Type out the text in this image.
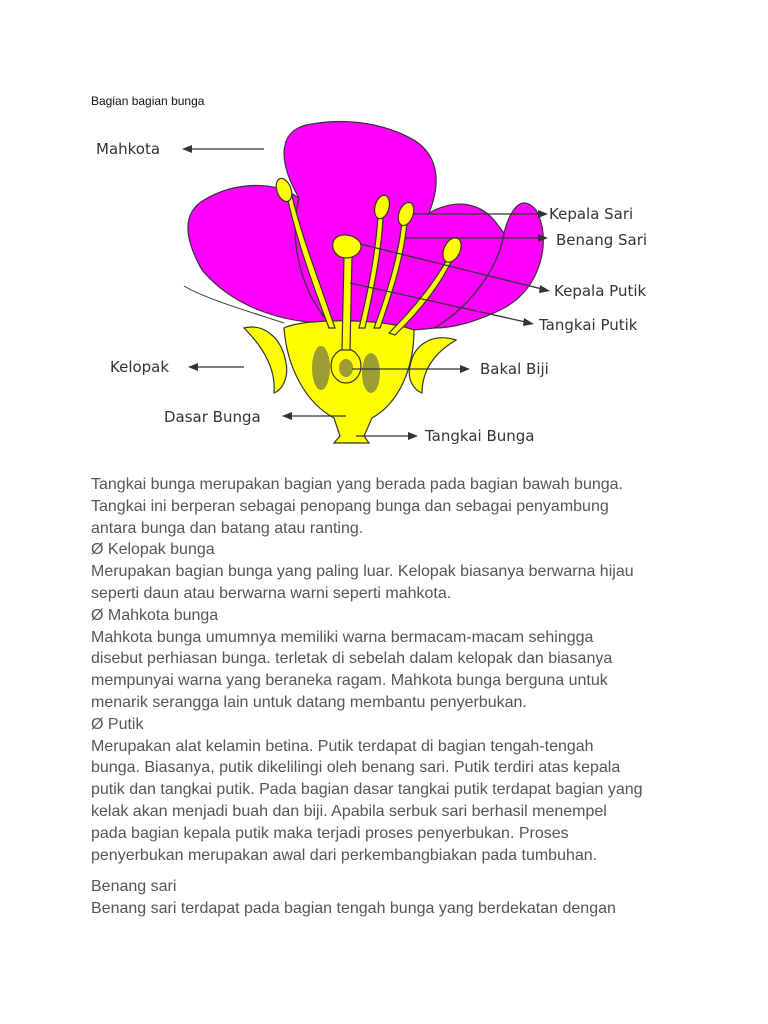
Bagian bagian bunga

Mahkota
Kepala Sari
Benang Sari
Kepala Putik
Tangkai Putik
Kelopak	Bakal Biji
Dasar Bunga
Tangkai Bunga

Tangkai bunga merupakan bagian yang berada pada bagian bawah bunga.

Tangkai ini berperan sebagai penopang bunga dan sebagai penyambung

antara bunga dan batang atau ranting.

Ø Kelopak bunga

Merupakan bagian bunga yang paling luar. Kelopak biasanya berwarna hijau

seperti daun atau berwarna warni seperti mahkota.

Ø Mahkota bunga

Mahkota bunga umumnya memiliki warna bermacam-macam sehingga

disebut perhiasan bunga. terletak di sebelah dalam kelopak dan biasanya

mempunyai warna yang beraneka ragam. Mahkota bunga berguna untuk

menarik serangga lain untuk datang membantu penyerbukan.

Ø Putik

Merupakan alat kelamin betina. Putik terdapat di bagian tengah-tengah

bunga. Biasanya, putik dikelilingi oleh benang sari. Putik terdiri atas kepala

putik dan tangkai putik. Pada bagian dasar tangkai putik terdapat bagian yang

kelak akan menjadi buah dan biji. Apabila serbuk sari berhasil menempel

pada bagian kepala putik maka terjadi proses penyerbukan. Proses

penyerbukan merupakan awal dari perkembangbiakan pada tumbuhan.

Benang sari

Benang sari terdapat pada bagian tengah bunga yang berdekatan dengan
